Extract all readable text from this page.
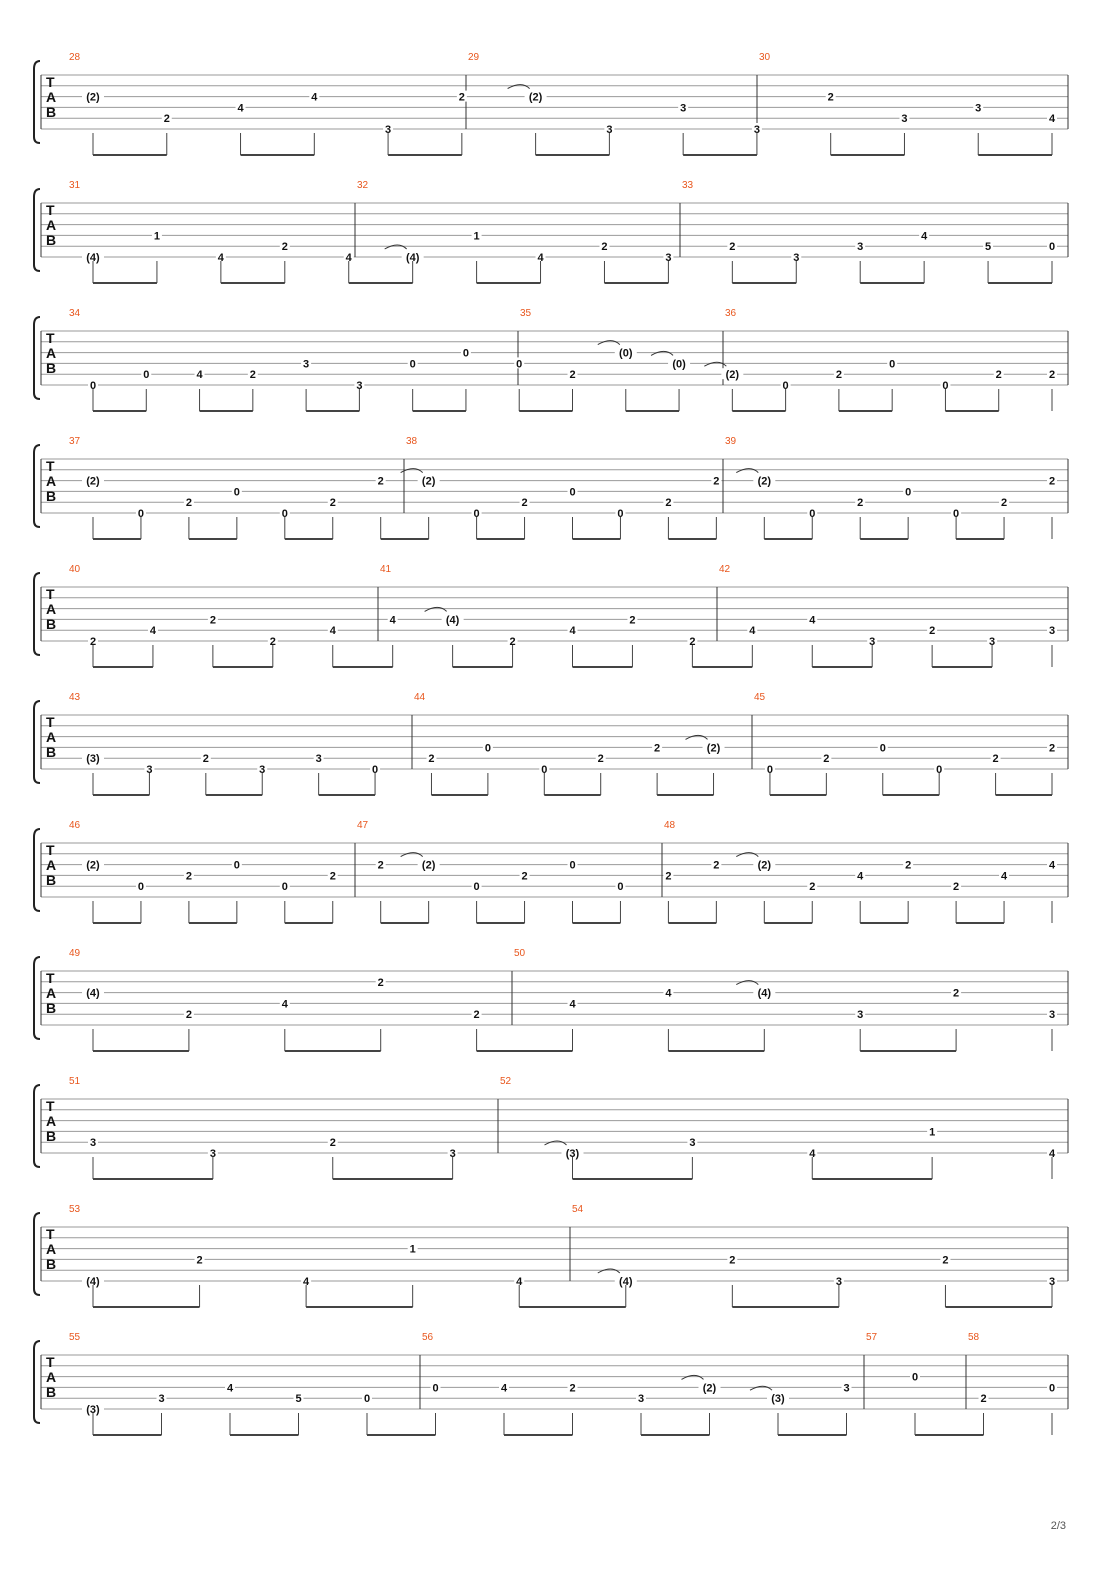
T
A
B
28	29	30
(2)
2
4
4
3
2	(2)
3
3
3
2
3
3
4
T
A
B
31	32	33
(4)
1
4
2
4	(4)
1
4
2
3
2
3
3
4
5	0
T
A
B
34	35	36
0
0	4	2
3
3
0
0
0
2
(0)
(0)
(2)
0
2
0
0
2	2
T
A
B
37	38	39
(2)
0
2
0
0
2
2	(2)
0
2
0
0
2
2	(2)
0
2
0
0
2
2
T
A
B
40	41	42
2
4
2
2
4
4	(4)
2
4
2
2
4
4
3
2
3
3
T
A
B
43	44	45
(3)
3
2
3
3
0
2
0
0
2
2	(2)
0
2
0
0
2
2
T
A
B
46	47	48
(2)
0
2
0
0
2
2	(2)
0
2
0
0
2
2	(2)
2
4
2
2
4
4
T
A
B
49	50
(4)
2
4
2
2
4
4	(4)
3
2
3
T
A
B
51	52
3
3
2
3	(3)
3
4
1
4
T
A
B
53	54
(4)
2
4
1
4	(4)
2
3
2
3
T
A
B
55	56	57	58
(3)
3
4
5	0
0	4	2
3
(2)
(3)
3
0
2
0
2/3
